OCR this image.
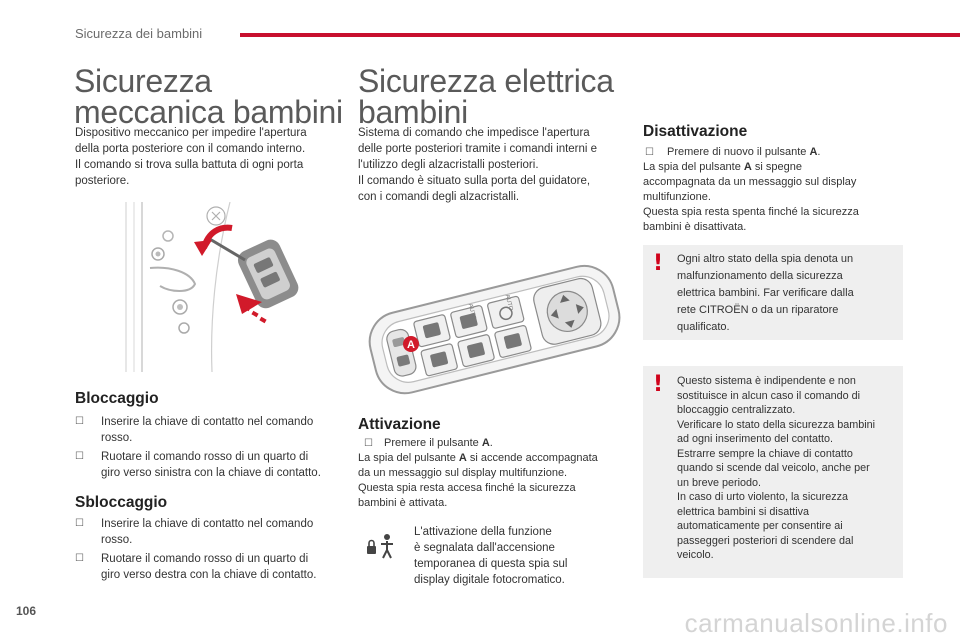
Sicurezza dei bambini
Sicurezza
meccanica bambini

Dispositivo meccanico per impedire l'apertura

della porta posteriore con il comando interno.

Il comando si trova sulla battuta di ogni porta

posteriore.

Bloccaggio
☐ Inserire la chiave di contatto nel comando
rosso.
☐ Ruotare il comando rosso di un quarto di
giro verso sinistra con la chiave di contatto.
Sbloccaggio
☐ Inserire la chiave di contatto nel comando
rosso.
☐ Ruotare il comando rosso di un quarto di
giro verso destra con la chiave di contatto.
Sicurezza elettrica
bambini

Sistema di comando che impedisce l'apertura

delle porte posteriori tramite i comandi interni e

l'utilizzo degli alzacristalli posteriori.

Il comando è situato sulla porta del guidatore,

con i comandi degli alzacristalli.

AUTO
AUTO
A
Attivazione
☐ Premere il pulsante A.
La spia del pulsante A si accende accompagnata
da un messaggio sul display multifunzione.
Questa spia resta accesa finché la sicurezza
bambini è attivata.

L'attivazione della funzione

è segnalata dall'accensione

temporanea di questa spia sul

display digitale fotocromatico.

Disattivazione
☐ Premere di nuovo il pulsante A.
La spia del pulsante A si spegne
accompagnata da un messaggio sul display
multifunzione.
Questa spia resta spenta finché la sicurezza
bambini è disattivata.
! Ogni altro stato della spia denota un
malfunzionamento della sicurezza
elettrica bambini. Far verificare dalla
rete CITROËN o da un riparatore
qualificato.
! Questo sistema è indipendente e non
sostituisce in alcun caso il comando di
bloccaggio centralizzato.
Verificare lo stato della sicurezza bambini
ad ogni inserimento del contatto.
Estrarre sempre la chiave di contatto
quando si scende dal veicolo, anche per
un breve periodo.
In caso di urto violento, la sicurezza
elettrica bambini si disattiva
automaticamente per consentire ai
passeggeri posteriori di scendere dal
veicolo.
106	carmanualsonline.info
